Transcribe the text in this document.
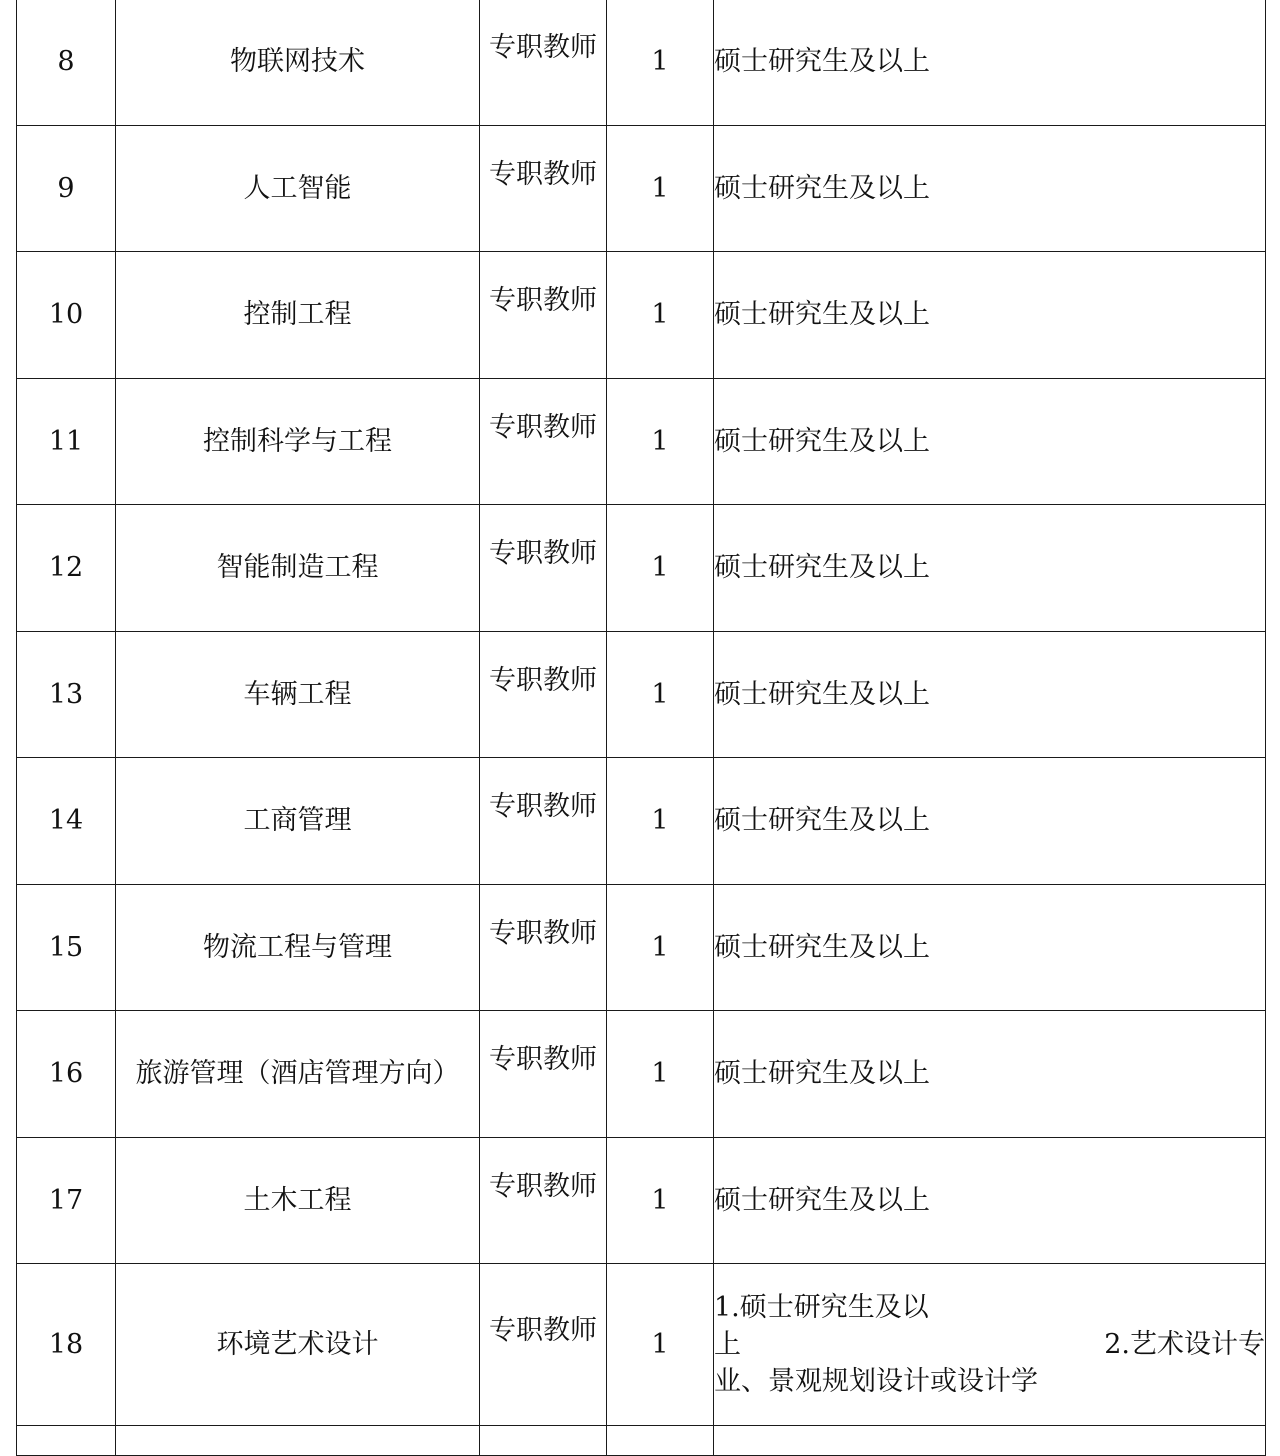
8	物联网技术	专职教师	1	硕士研究生及以上
9	人工智能	专职教师	1	硕士研究生及以上
10	控制工程	专职教师	1	硕士研究生及以上
11	控制科学与工程	专职教师	1	硕士研究生及以上
12	智能制造工程	专职教师	1	硕士研究生及以上
13	车辆工程	专职教师	1	硕士研究生及以上
14	工商管理	专职教师	1	硕士研究生及以上
15	物流工程与管理	专职教师	1	硕士研究生及以上
16	旅游管理（酒店管理方向）	专职教师	1	硕士研究生及以上
17	土木工程	专职教师	1	硕士研究生及以上
18	环境艺术设计	专职教师	1	1.硕士研究生及以
上 2.艺术设计专
业、景观规划设计或设计学
